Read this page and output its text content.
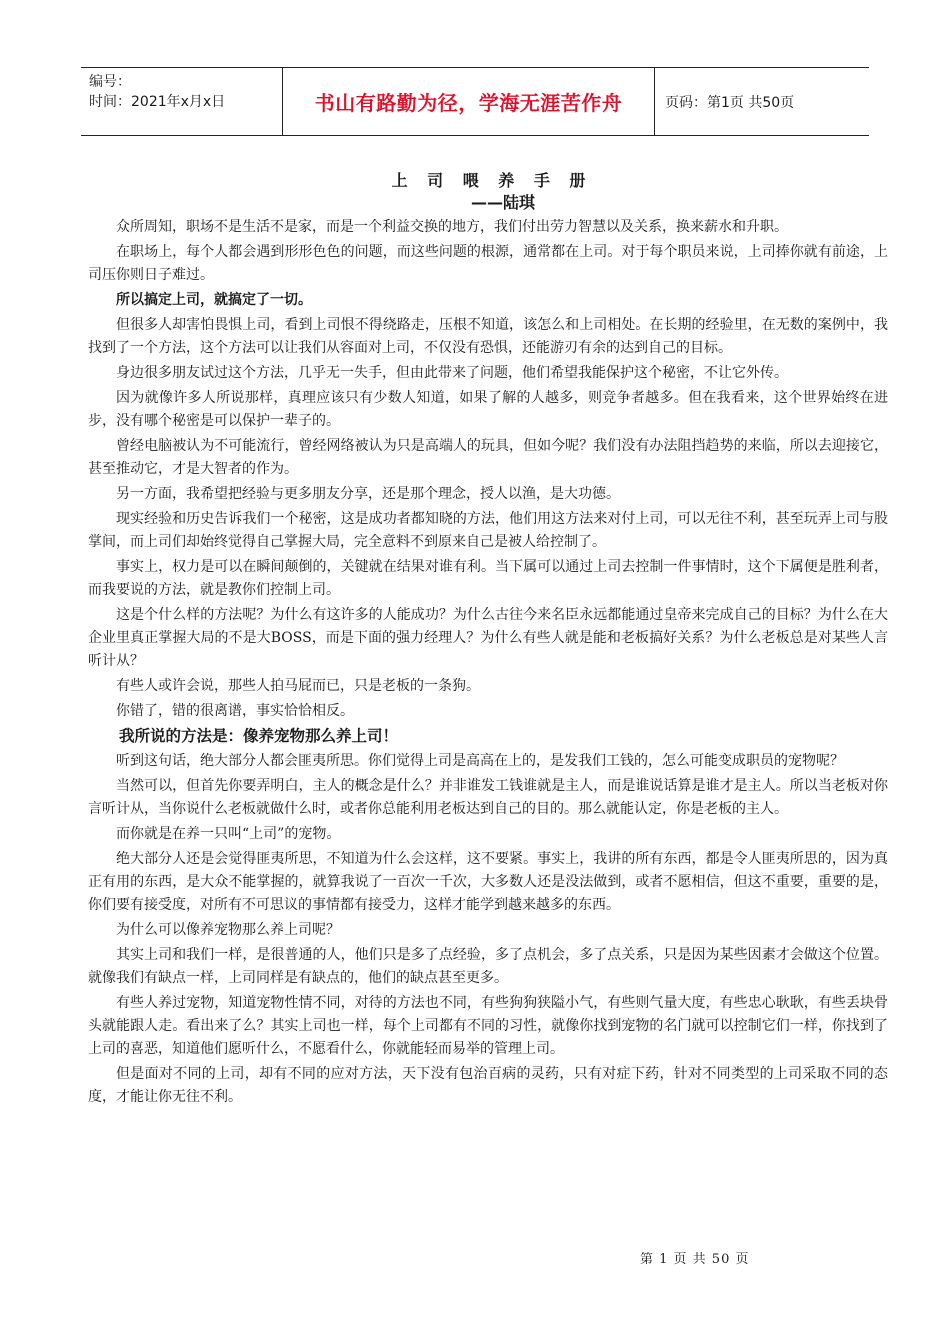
编号：
时间：2021年x月x日	书山有路勤为径，学海无涯苦作舟	页码：第1页 共50页
上 司 喂 养 手 册
——陆琪

众所周知，职场不是生活不是家，而是一个利益交换的地方，我们付出劳力智慧以及关系，换来薪水和升职。

在职场上，每个人都会遇到形形色色的问题，而这些问题的根源，通常都在上司。对于每个职员来说，上司捧你就有前途，上司压你则日子难过。

所以搞定上司，就搞定了一切。

但很多人却害怕畏惧上司，看到上司恨不得绕路走，压根不知道，该怎么和上司相处。在长期的经验里，在无数的案例中，我找到了一个方法，这个方法可以让我们从容面对上司，不仅没有恐惧，还能游刃有余的达到自己的目标。

身边很多朋友试过这个方法，几乎无一失手，但由此带来了问题，他们希望我能保护这个秘密，不让它外传。

因为就像许多人所说那样，真理应该只有少数人知道，如果了解的人越多，则竞争者越多。但在我看来，这个世界始终在进步，没有哪个秘密是可以保护一辈子的。

曾经电脑被认为不可能流行，曾经网络被认为只是高端人的玩具，但如今呢？我们没有办法阻挡趋势的来临，所以去迎接它，甚至推动它，才是大智者的作为。

另一方面，我希望把经验与更多朋友分享，还是那个理念，授人以渔，是大功德。

现实经验和历史告诉我们一个秘密，这是成功者都知晓的方法，他们用这方法来对付上司，可以无往不利，甚至玩弄上司与股掌间，而上司们却始终觉得自己掌握大局，完全意料不到原来自己是被人给控制了。

事实上，权力是可以在瞬间颠倒的，关键就在结果对谁有利。当下属可以通过上司去控制一件事情时，这个下属便是胜利者，而我要说的方法，就是教你们控制上司。

这是个什么样的方法呢？为什么有这许多的人能成功？为什么古往今来名臣永远都能通过皇帝来完成自己的目标？为什么在大企业里真正掌握大局的不是大BOSS，而是下面的强力经理人？为什么有些人就是能和老板搞好关系？为什么老板总是对某些人言听计从？

有些人或许会说，那些人拍马屁而已，只是老板的一条狗。

你错了，错的很离谱，事实恰恰相反。

我所说的方法是：像养宠物那么养上司！

听到这句话，绝大部分人都会匪夷所思。你们觉得上司是高高在上的，是发我们工钱的，怎么可能变成职员的宠物呢？

当然可以，但首先你要弄明白，主人的概念是什么？并非谁发工钱谁就是主人，而是谁说话算是谁才是主人。所以当老板对你言听计从，当你说什么老板就做什么时，或者你总能利用老板达到自己的目的。那么就能认定，你是老板的主人。

而你就是在养一只叫“上司”的宠物。

绝大部分人还是会觉得匪夷所思，不知道为什么会这样，这不要紧。事实上，我讲的所有东西，都是令人匪夷所思的，因为真正有用的东西，是大众不能掌握的，就算我说了一百次一千次，大多数人还是没法做到，或者不愿相信，但这不重要，重要的是，你们要有接受度，对所有不可思议的事情都有接受力，这样才能学到越来越多的东西。

为什么可以像养宠物那么养上司呢？

其实上司和我们一样，是很普通的人，他们只是多了点经验，多了点机会，多了点关系，只是因为某些因素才会做这个位置。就像我们有缺点一样，上司同样是有缺点的，他们的缺点甚至更多。

有些人养过宠物，知道宠物性情不同，对待的方法也不同，有些狗狗狭隘小气，有些则气量大度，有些忠心耿耿，有些丢块骨头就能跟人走。看出来了么？其实上司也一样，每个上司都有不同的习性，就像你找到宠物的名门就可以控制它们一样，你找到了上司的喜恶，知道他们愿听什么，不愿看什么，你就能轻而易举的管理上司。

但是面对不同的上司，却有不同的应对方法，天下没有包治百病的灵药，只有对症下药，针对不同类型的上司采取不同的态度，才能让你无往不利。

第 1 页 共 50 页
